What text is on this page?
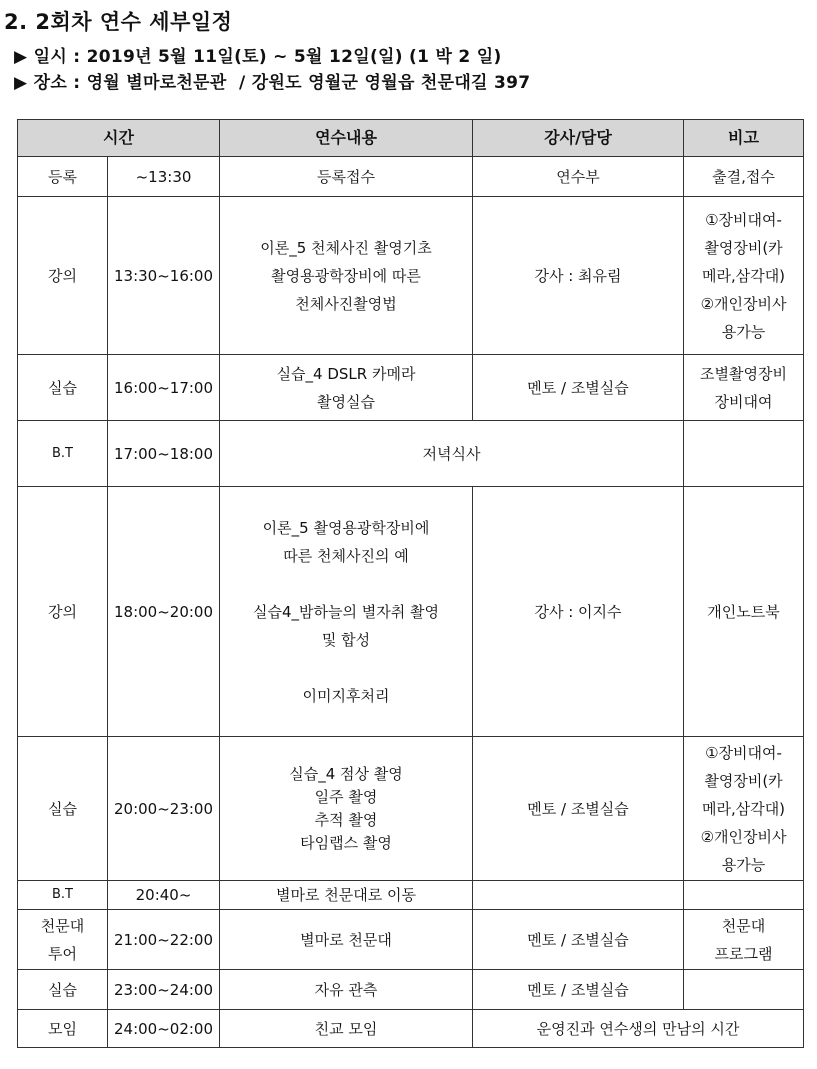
2. 2회차 연수 세부일정
▶ 일시 : 2019년 5월 11일(토) ~ 5월 12일(일) (1 박 2 일)
▶ 장소 : 영월 별마로천문관  / 강원도 영월군 영월읍 천문대길 397
시간		연수내용	강사/담당	비고
등록	~13:30	등록접수	연수부	출결,접수
강의	13:30~16:00	이론_5 천체사진 촬영기초
촬영용광학장비에 따른
천체사진촬영법	강사 : 최유림	①장비대여-
촬영장비(카
메라,삼각대)
②개인장비사
용가능
실습	16:00~17:00	실습_4 DSLR 카메라
촬영실습	멘토 / 조별실습	조별촬영장비
장비대여
B.T	17:00~18:00	저녁식사		
강의	18:00~20:00	이론_5 촬영용광학장비에
따른 천체사진의 예

실습4_밤하늘의 별자취 촬영
및 합성

이미지후처리	강사 : 이지수	개인노트북
실습	20:00~23:00	실습_4 점상 촬영
일주 촬영
추적 촬영
타임랩스 촬영	멘토 / 조별실습	①장비대여-
촬영장비(카
메라,삼각대)
②개인장비사
용가능
B.T	20:40~	별마로 천문대로 이동		
천문대
투어	21:00~22:00	별마로 천문대	멘토 / 조별실습	천문대
프로그램
실습	23:00~24:00	자유 관측	멘토 / 조별실습	
모임	24:00~02:00	친교 모임	운영진과 연수생의 만남의 시간	
